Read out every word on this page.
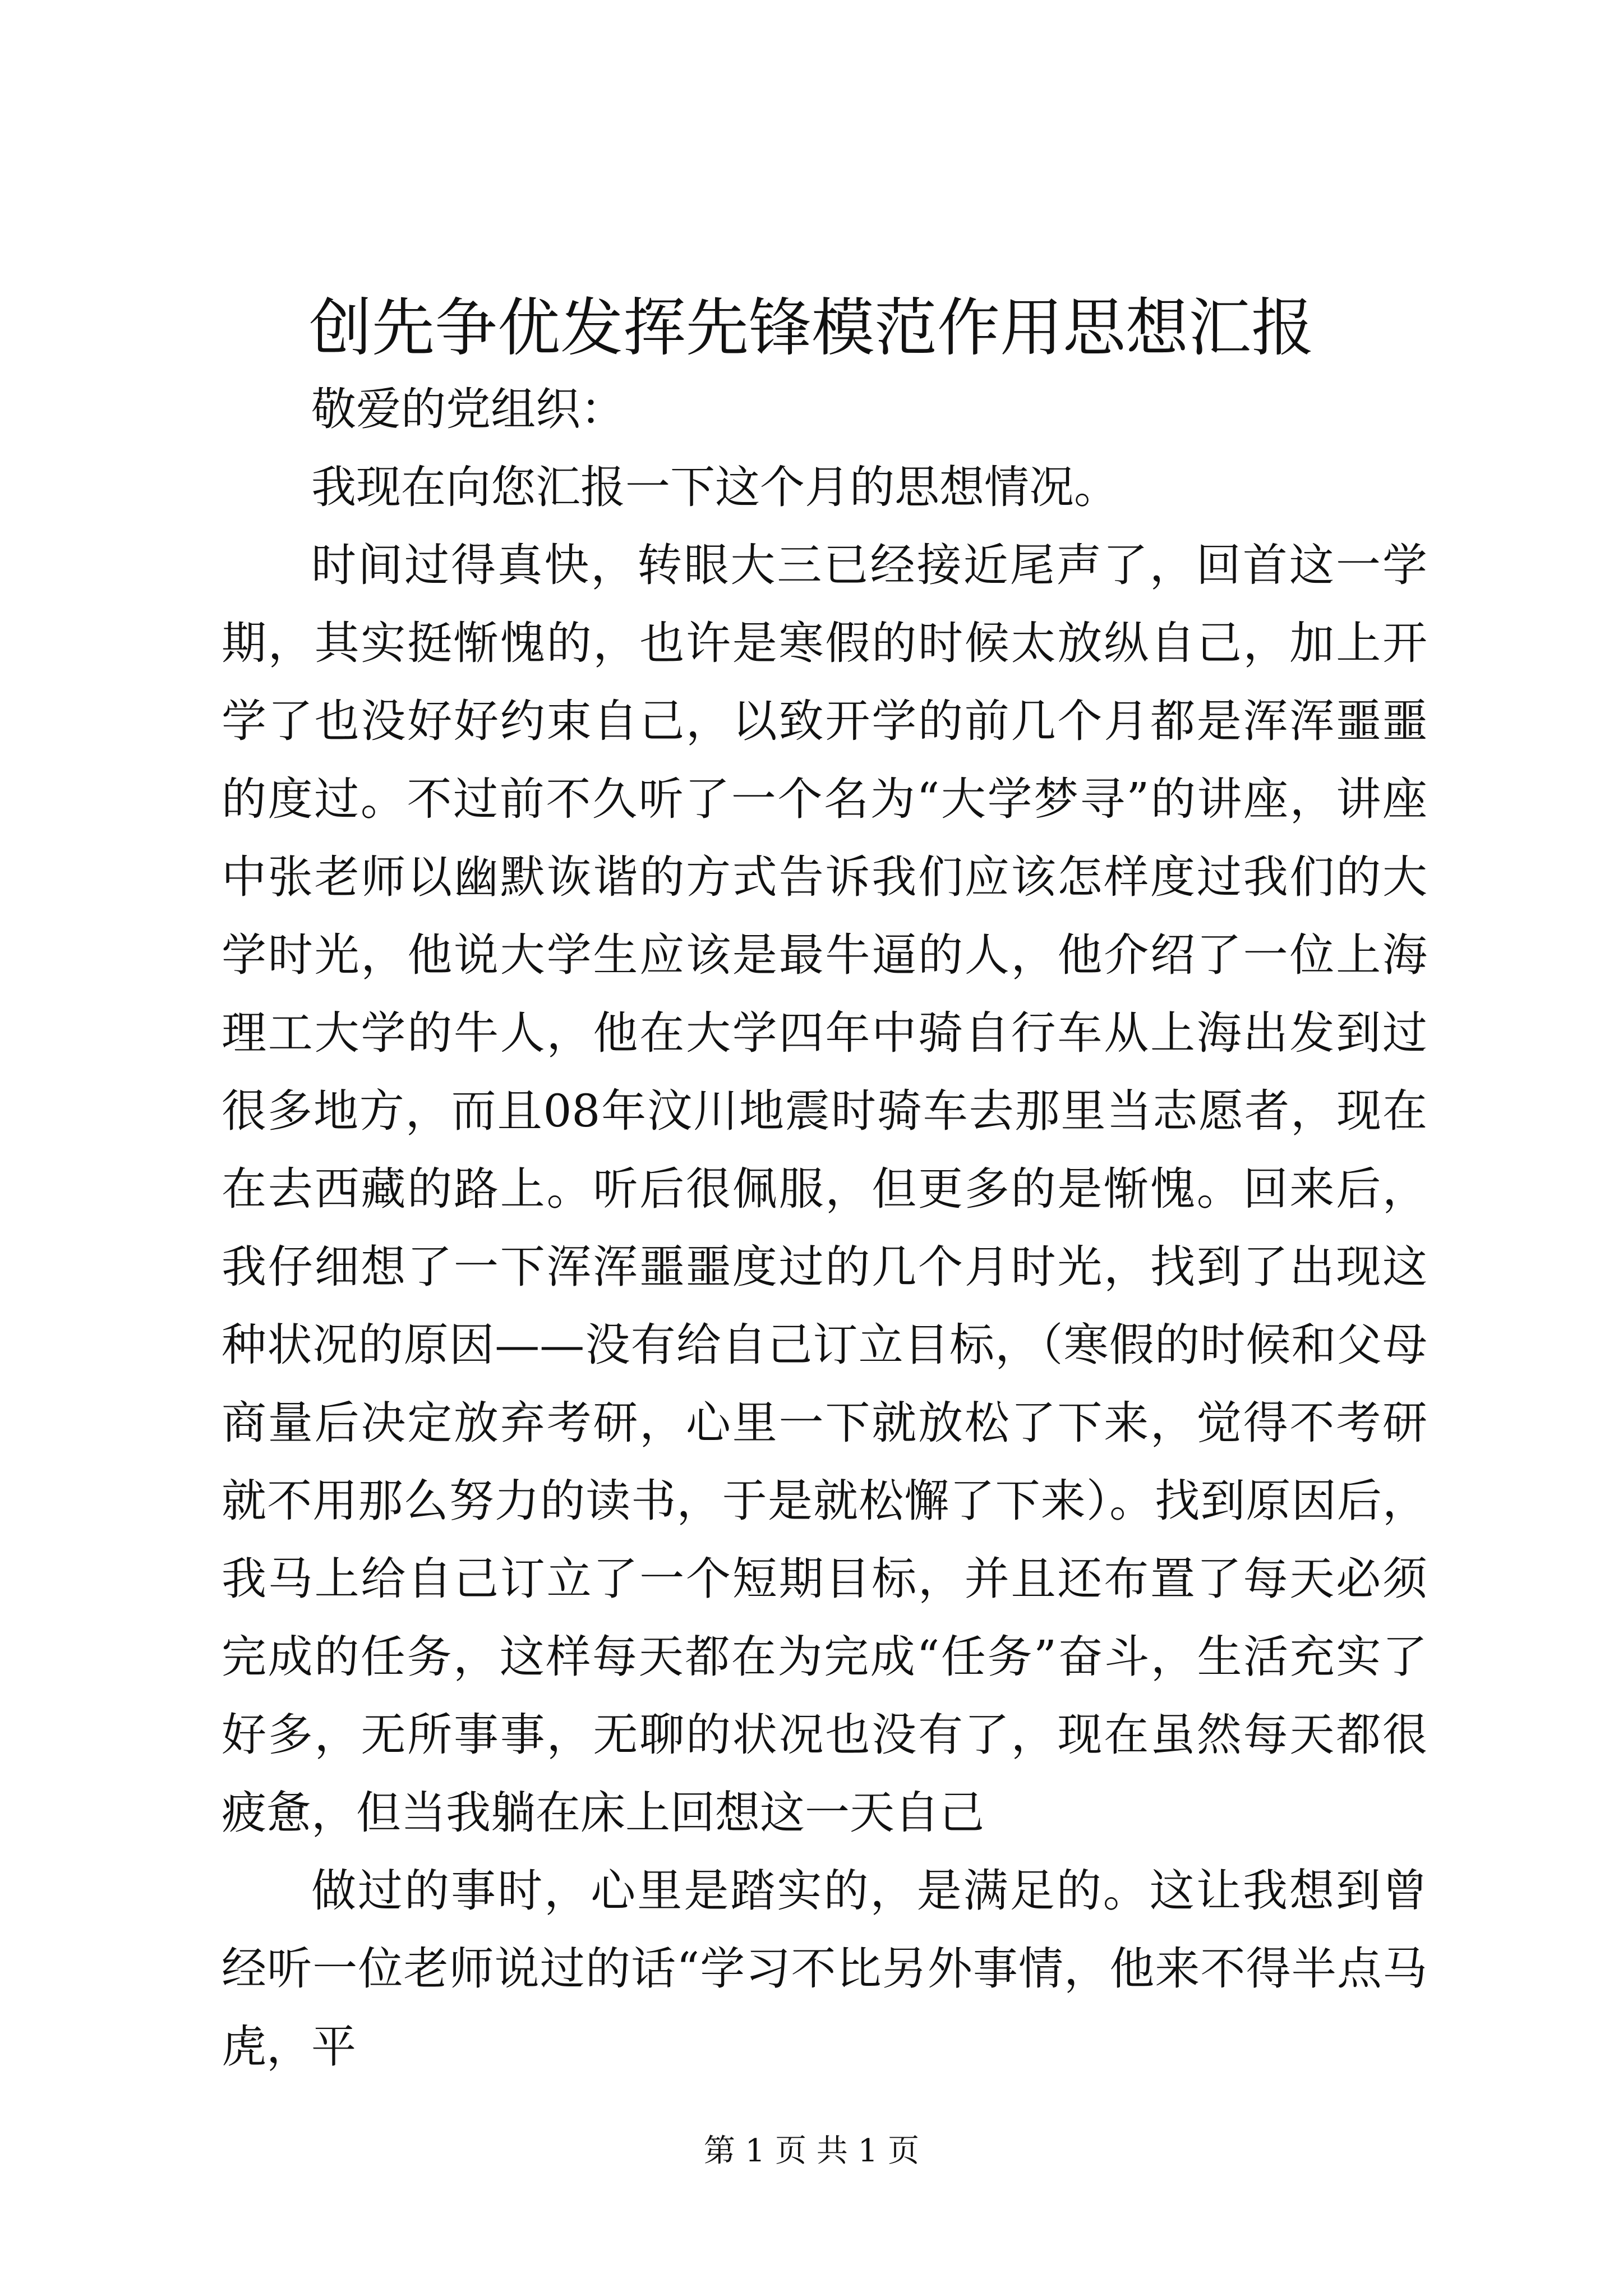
创先争优发挥先锋模范作用思想汇报

敬爱的党组织：

我现在向您汇报一下这个月的思想情况。

时间过得真快，转眼大三已经接近尾声了，回首这一学期，其实挺惭愧的，也许是寒假的时候太放纵自己，加上开学了也没好好约束自己，以致开学的前几个月都是浑浑噩噩的度过。不过前不久听了一个名为“大学梦寻”的讲座，讲座中张老师以幽默诙谐的方式告诉我们应该怎样度过我们的大学时光，他说大学生应该是最牛逼的人，他介绍了一位上海理工大学的牛人，他在大学四年中骑自行车从上海出发到过很多地方，而且08年汶川地震时骑车去那里当志愿者，现在在去西藏的路上。听后很佩服，但更多的是惭愧。回来后，我仔细想了一下浑浑噩噩度过的几个月时光，找到了出现这种状况的原因——没有给自己订立目标，（寒假的时候和父母商量后决定放弃考研，心里一下就放松了下来，觉得不考研就不用那么努力的读书，于是就松懈了下来）。找到原因后，我马上给自己订立了一个短期目标，并且还布置了每天必须完成的任务，这样每天都在为完成“任务”奋斗，生活充实了好多，无所事事，无聊的状况也没有了，现在虽然每天都很疲惫，但当我躺在床上回想这一天自己

做过的事时，心里是踏实的，是满足的。这让我想到曾经听一位老师说过的话“学习不比另外事情，他来不得半点马虎，平

第 1 页 共 1 页
